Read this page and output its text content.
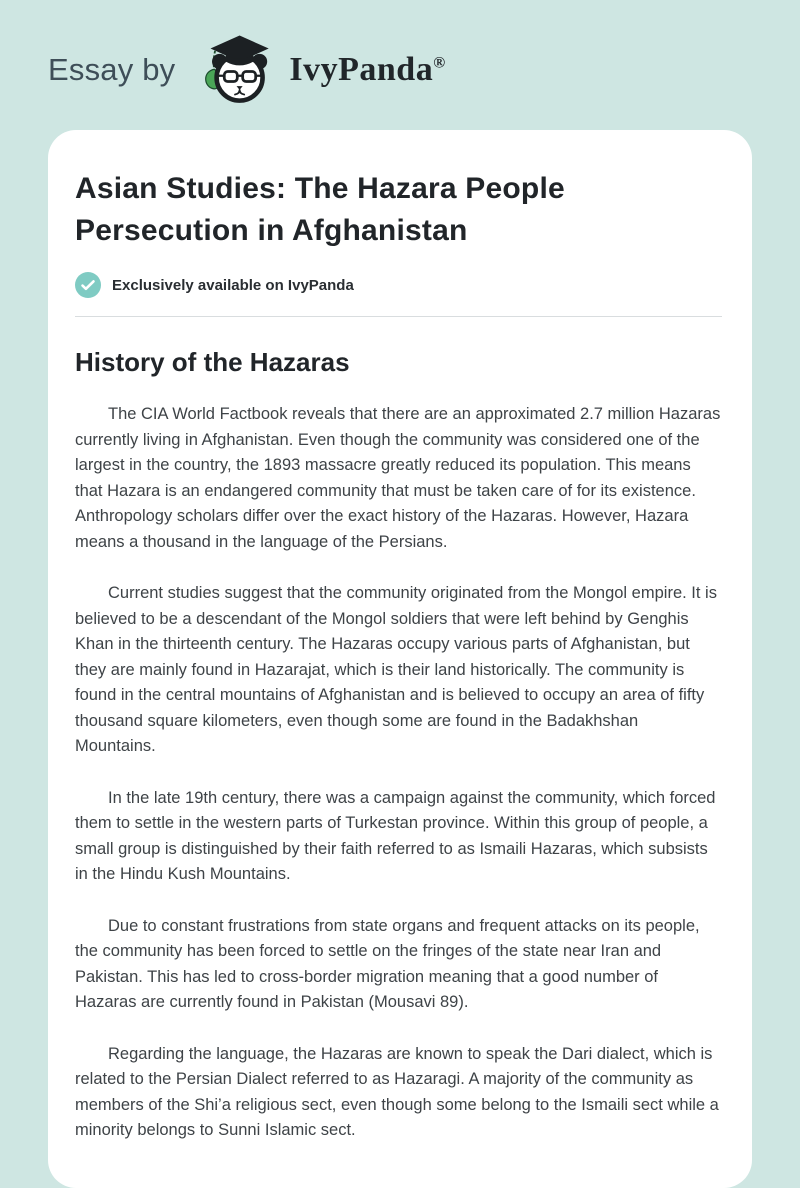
Essay by	IvyPanda®
Asian Studies: The Hazara People Persecution in Afghanistan
Exclusively available on IvyPanda
History of the Hazaras

The CIA World Factbook reveals that there are an approximated 2.7 million Hazaras currently living in Afghanistan. Even though the community was considered one of the largest in the country, the 1893 massacre greatly reduced its population. This means that Hazara is an endangered community that must be taken care of for its existence. Anthropology scholars differ over the exact history of the Hazaras. However, Hazara means a thousand in the language of the Persians.

Current studies suggest that the community originated from the Mongol empire. It is believed to be a descendant of the Mongol soldiers that were left behind by Genghis Khan in the thirteenth century. The Hazaras occupy various parts of Afghanistan, but they are mainly found in Hazarajat, which is their land historically. The community is found in the central mountains of Afghanistan and is believed to occupy an area of fifty thousand square kilometers, even though some are found in the Badakhshan Mountains.

In the late 19th century, there was a campaign against the community, which forced them to settle in the western parts of Turkestan province. Within this group of people, a small group is distinguished by their faith referred to as Ismaili Hazaras, which subsists in the Hindu Kush Mountains.

Due to constant frustrations from state organs and frequent attacks on its people, the community has been forced to settle on the fringes of the state near Iran and Pakistan. This has led to cross-border migration meaning that a good number of Hazaras are currently found in Pakistan (Mousavi 89).

Regarding the language, the Hazaras are known to speak the Dari dialect, which is related to the Persian Dialect referred to as Hazaragi. A majority of the community as members of the Shi’a religious sect, even though some belong to the Ismaili sect while a minority belongs to Sunni Islamic sect.
